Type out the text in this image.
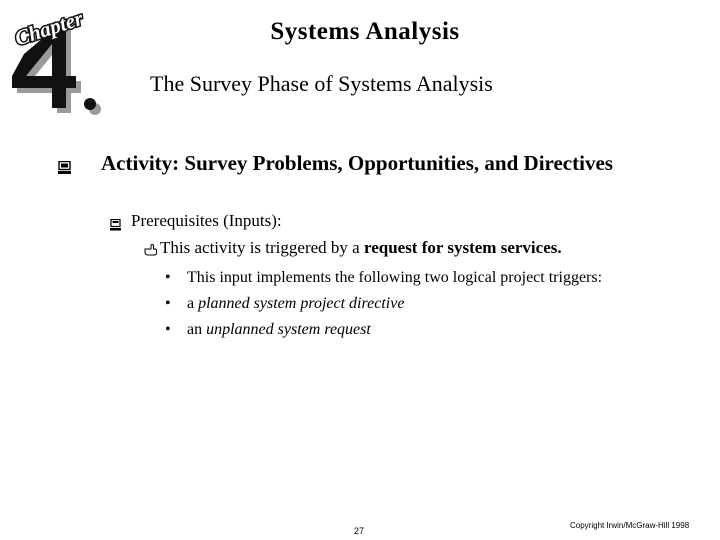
Chapter	Systems Analysis
The Survey Phase of Systems Analysis
Activity: Survey Problems, Opportunities, and Directives
Prerequisites (Inputs):
This activity is triggered by a request for system services.
• This input implements the following two logical project triggers:
• a planned system project directive
• an unplanned system request
27
Copyright Irwin/McGraw-Hill 1998
